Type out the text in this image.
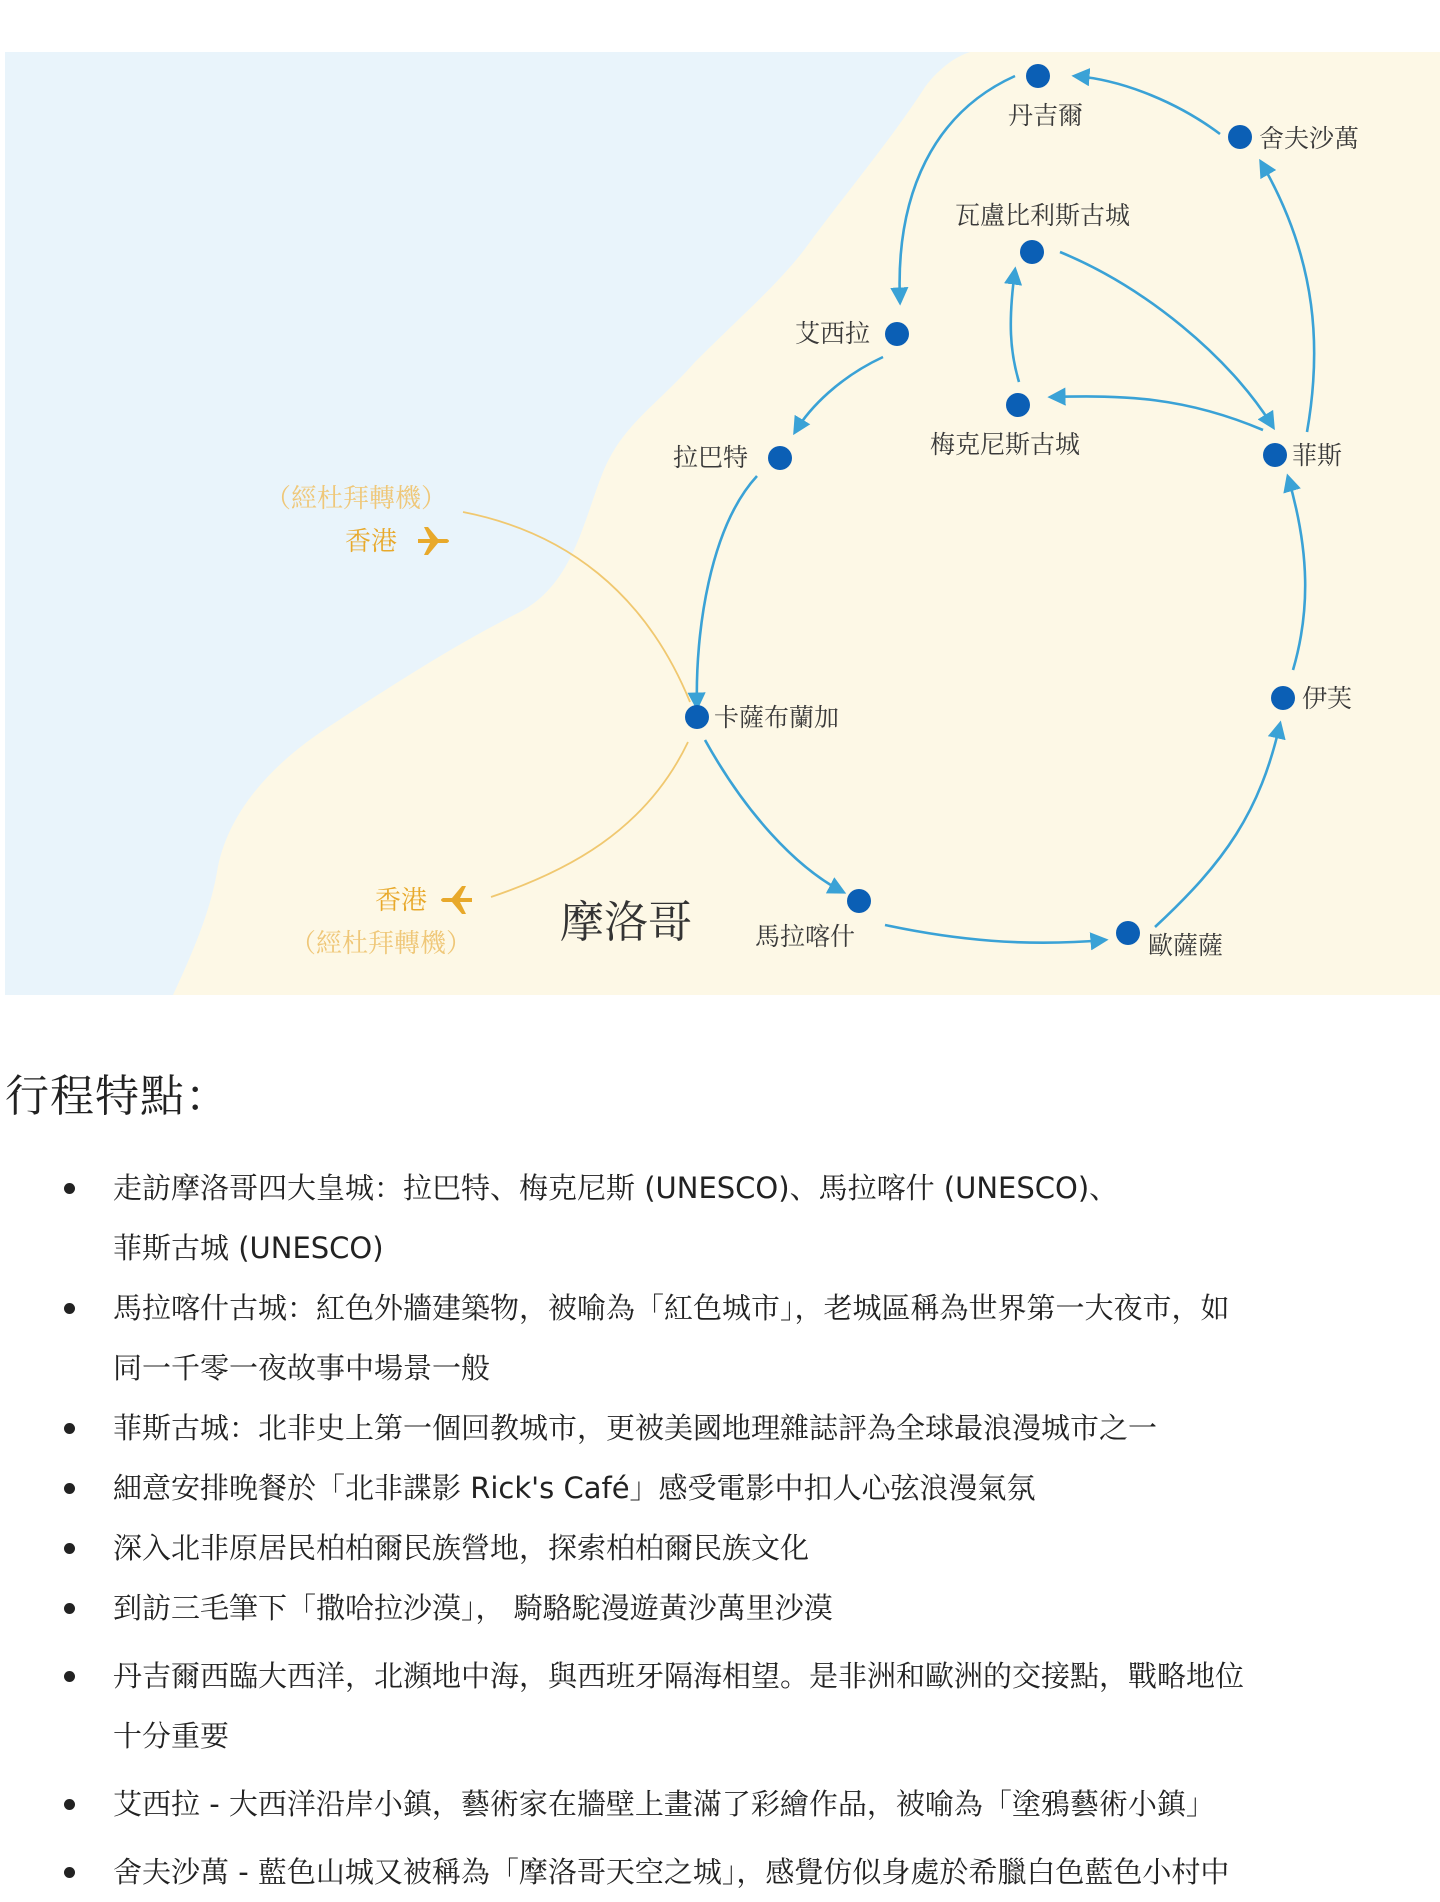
丹吉爾
舍夫沙萬
瓦盧比利斯古城
艾西拉
梅克尼斯古城
拉巴特	菲斯
卡薩布蘭加
伊芙
馬拉喀什	歐薩薩
摩洛哥
（經杜拜轉機）
香港
香港
（經杜拜轉機）
行程特點：
走訪摩洛哥四大皇城：拉巴特、梅克尼斯 (UNESCO)、馬拉喀什 (UNESCO)、
菲斯古城 (UNESCO)
馬拉喀什古城：紅色外牆建築物，被喻為「紅色城市」，老城區稱為世界第一大夜市，如
同一千零一夜故事中場景一般
菲斯古城：北非史上第一個回教城市，更被美國地理雜誌評為全球最浪漫城市之一
細意安排晚餐於「北非諜影 Rick's Café」感受電影中扣人心弦浪漫氣氛
深入北非原居民柏柏爾民族營地，探索柏柏爾民族文化
到訪三毛筆下「撒哈拉沙漠」， 騎駱駝漫遊黃沙萬里沙漠
丹吉爾西臨大西洋，北瀕地中海，與西班牙隔海相望。是非洲和歐洲的交接點，戰略地位
十分重要
艾西拉 - 大西洋沿岸小鎮，藝術家在牆壁上畫滿了彩繪作品，被喻為「塗鴉藝術小鎮」
舍夫沙萬 - 藍色山城又被稱為「摩洛哥天空之城」，感覺仿似身處於希臘白色藍色小村中
